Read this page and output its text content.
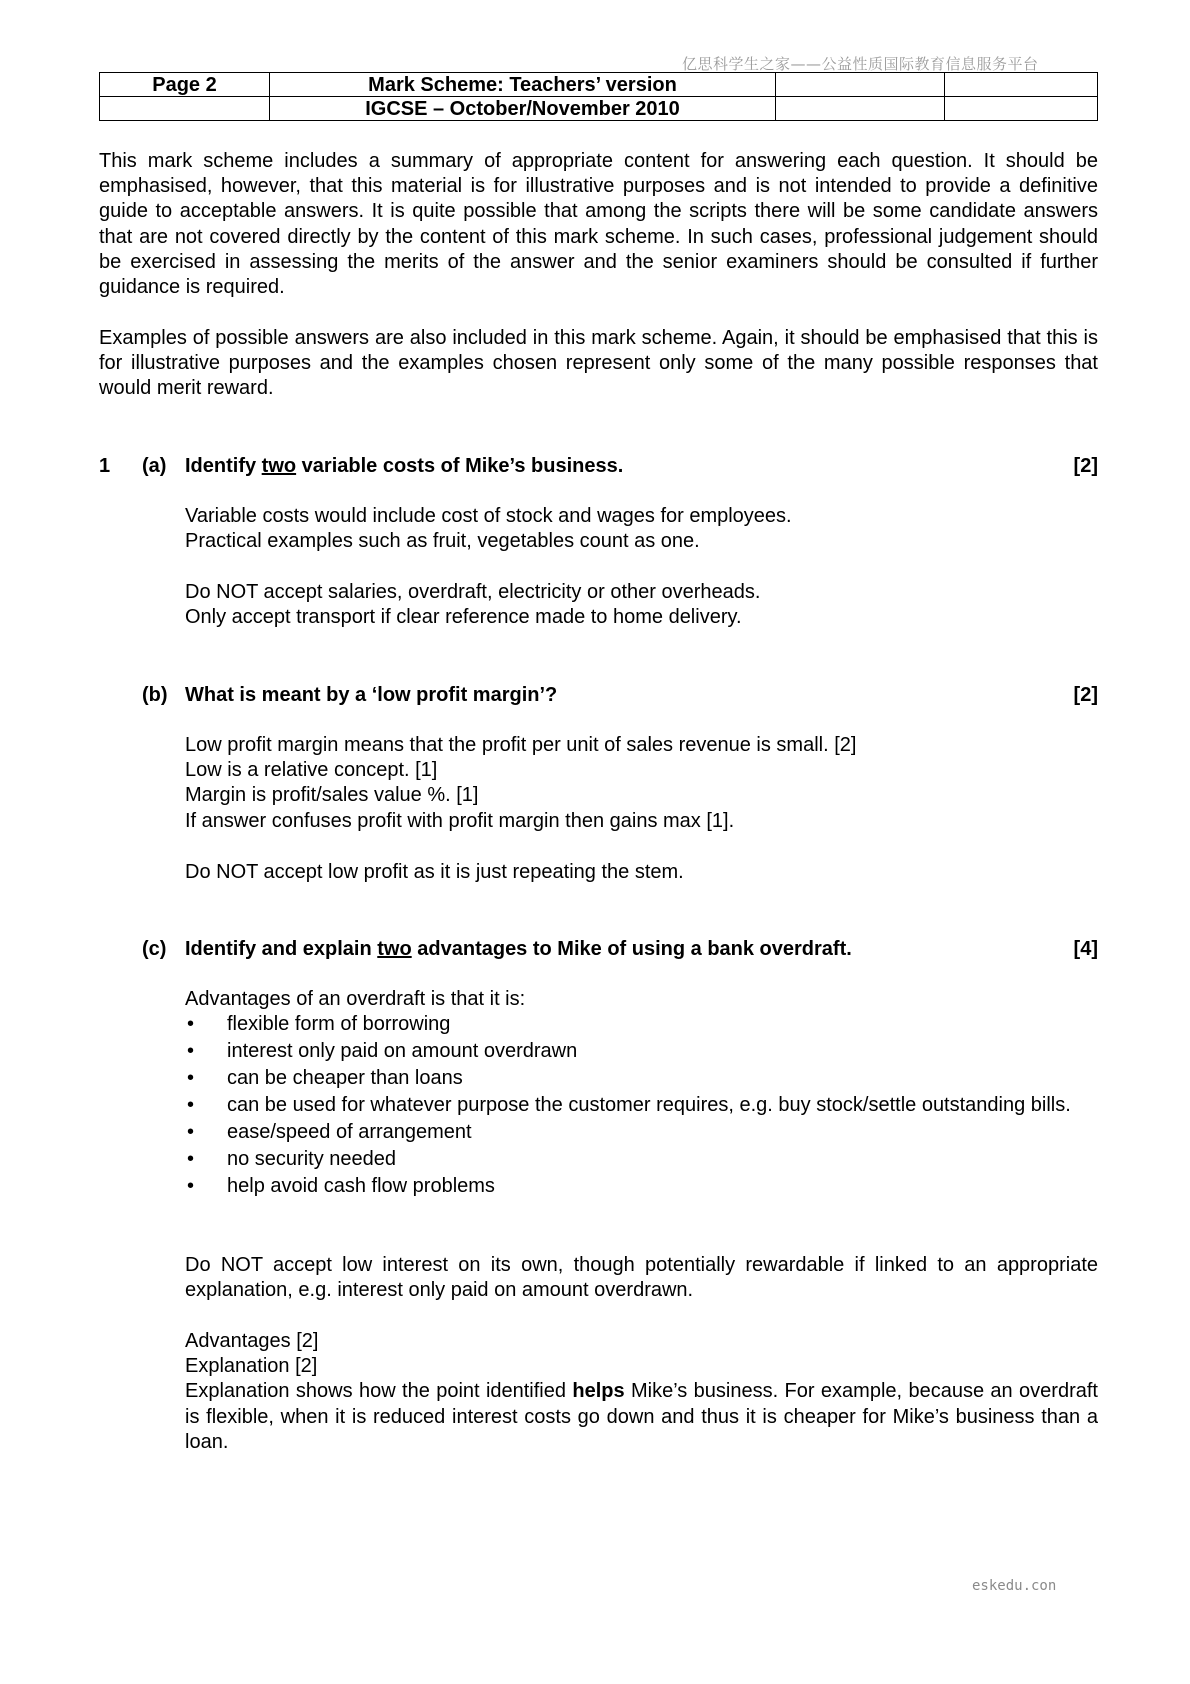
亿思科学生之家——公益性质国际教育信息服务平台
Page 2	Mark Scheme: Teachers’ version		
	IGCSE – October/November 2010		
This mark scheme includes a summary of appropriate content for answering each question. It should be emphasised, however, that this material is for illustrative purposes and is not intended to provide a definitive guide to acceptable answers. It is quite possible that among the scripts there will be some candidate answers that are not covered directly by the content of this mark scheme. In such cases, professional judgement should be exercised in assessing the merits of the answer and the senior examiners should be consulted if further guidance is required.
Examples of possible answers are also included in this mark scheme. Again, it should be emphasised that this is for illustrative purposes and the examples chosen represent only some of the many possible responses that would merit reward.
1 (a) Identify two variable costs of Mike’s business.	[2]
Variable costs would include cost of stock and wages for employees.
Practical examples such as fruit, vegetables count as one.
Do NOT accept salaries, overdraft, electricity or other overheads.
Only accept transport if clear reference made to home delivery.
(b) What is meant by a ‘low profit margin’?	[2]
Low profit margin means that the profit per unit of sales revenue is small. [2]
Low is a relative concept. [1]
Margin is profit/sales value %. [1]
If answer confuses profit with profit margin then gains max [1].
Do NOT accept low profit as it is just repeating the stem.
(c) Identify and explain two advantages to Mike of using a bank overdraft.	[4]
Advantages of an overdraft is that it is:
• flexible form of borrowing
• interest only paid on amount overdrawn
• can be cheaper than loans
• can be used for whatever purpose the customer requires, e.g. buy stock/settle outstanding bills.
• ease/speed of arrangement
• no security needed
• help avoid cash flow problems
Do NOT accept low interest on its own, though potentially rewardable if linked to an appropriate explanation, e.g. interest only paid on amount overdrawn.
Advantages [2]
Explanation [2]
Explanation shows how the point identified helps Mike’s business. For example, because an overdraft is flexible, when it is reduced interest costs go down and thus it is cheaper for Mike’s business than a loan.
eskedu.con
